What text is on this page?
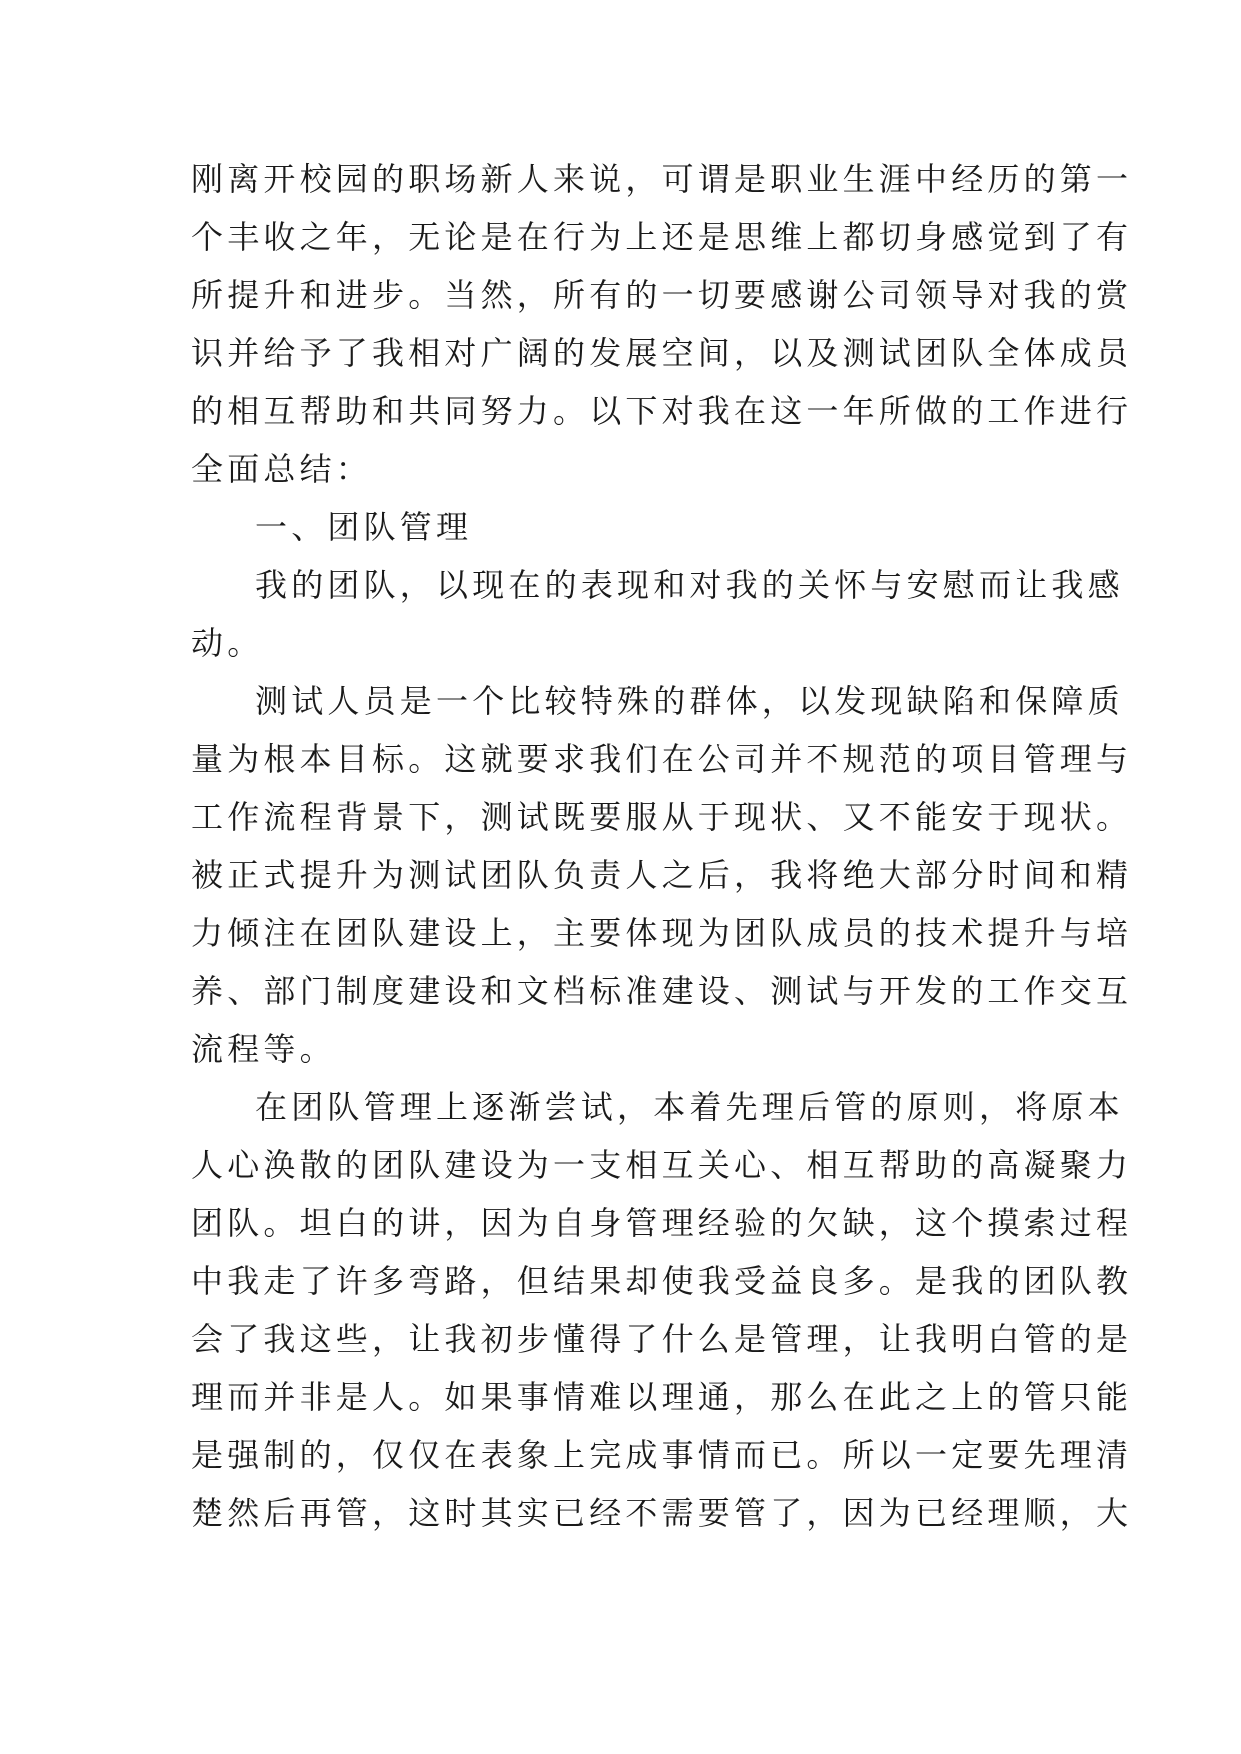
刚离开校园的职场新人来说，可谓是职业生涯中经历的第一
个丰收之年，无论是在行为上还是思维上都切身感觉到了有
所提升和进步。当然，所有的一切要感谢公司领导对我的赏
识并给予了我相对广阔的发展空间，以及测试团队全体成员
的相互帮助和共同努力。以下对我在这一年所做的工作进行
全面总结：
一、团队管理
我的团队，以现在的表现和对我的关怀与安慰而让我感
动。
测试人员是一个比较特殊的群体，以发现缺陷和保障质
量为根本目标。这就要求我们在公司并不规范的项目管理与
工作流程背景下，测试既要服从于现状、又不能安于现状。
被正式提升为测试团队负责人之后，我将绝大部分时间和精
力倾注在团队建设上，主要体现为团队成员的技术提升与培
养、部门制度建设和文档标准建设、测试与开发的工作交互
流程等。
在团队管理上逐渐尝试，本着先理后管的原则，将原本
人心涣散的团队建设为一支相互关心、相互帮助的高凝聚力
团队。坦白的讲，因为自身管理经验的欠缺，这个摸索过程
中我走了许多弯路，但结果却使我受益良多。是我的团队教
会了我这些，让我初步懂得了什么是管理，让我明白管的是
理而并非是人。如果事情难以理通，那么在此之上的管只能
是强制的，仅仅在表象上完成事情而已。所以一定要先理清
楚然后再管，这时其实已经不需要管了，因为已经理顺，大
